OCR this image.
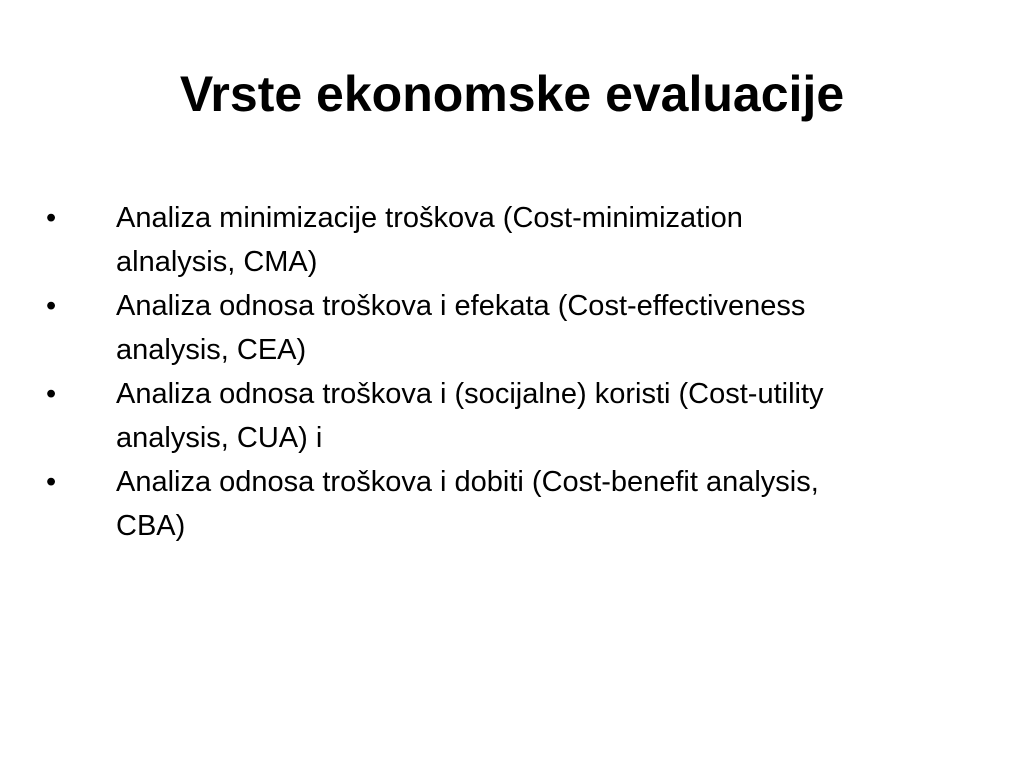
Vrste ekonomske evaluacije
•	Analiza minimizacije troškova (Cost-minimization
alnalysis, CMA)
•	Analiza odnosa troškova i efekata (Cost-effectiveness
analysis, CEA)
•	Analiza odnosa troškova i (socijalne) koristi (Cost-utility
analysis, CUA) i
•	Analiza odnosa troškova i dobiti (Cost-benefit analysis,
CBA)
